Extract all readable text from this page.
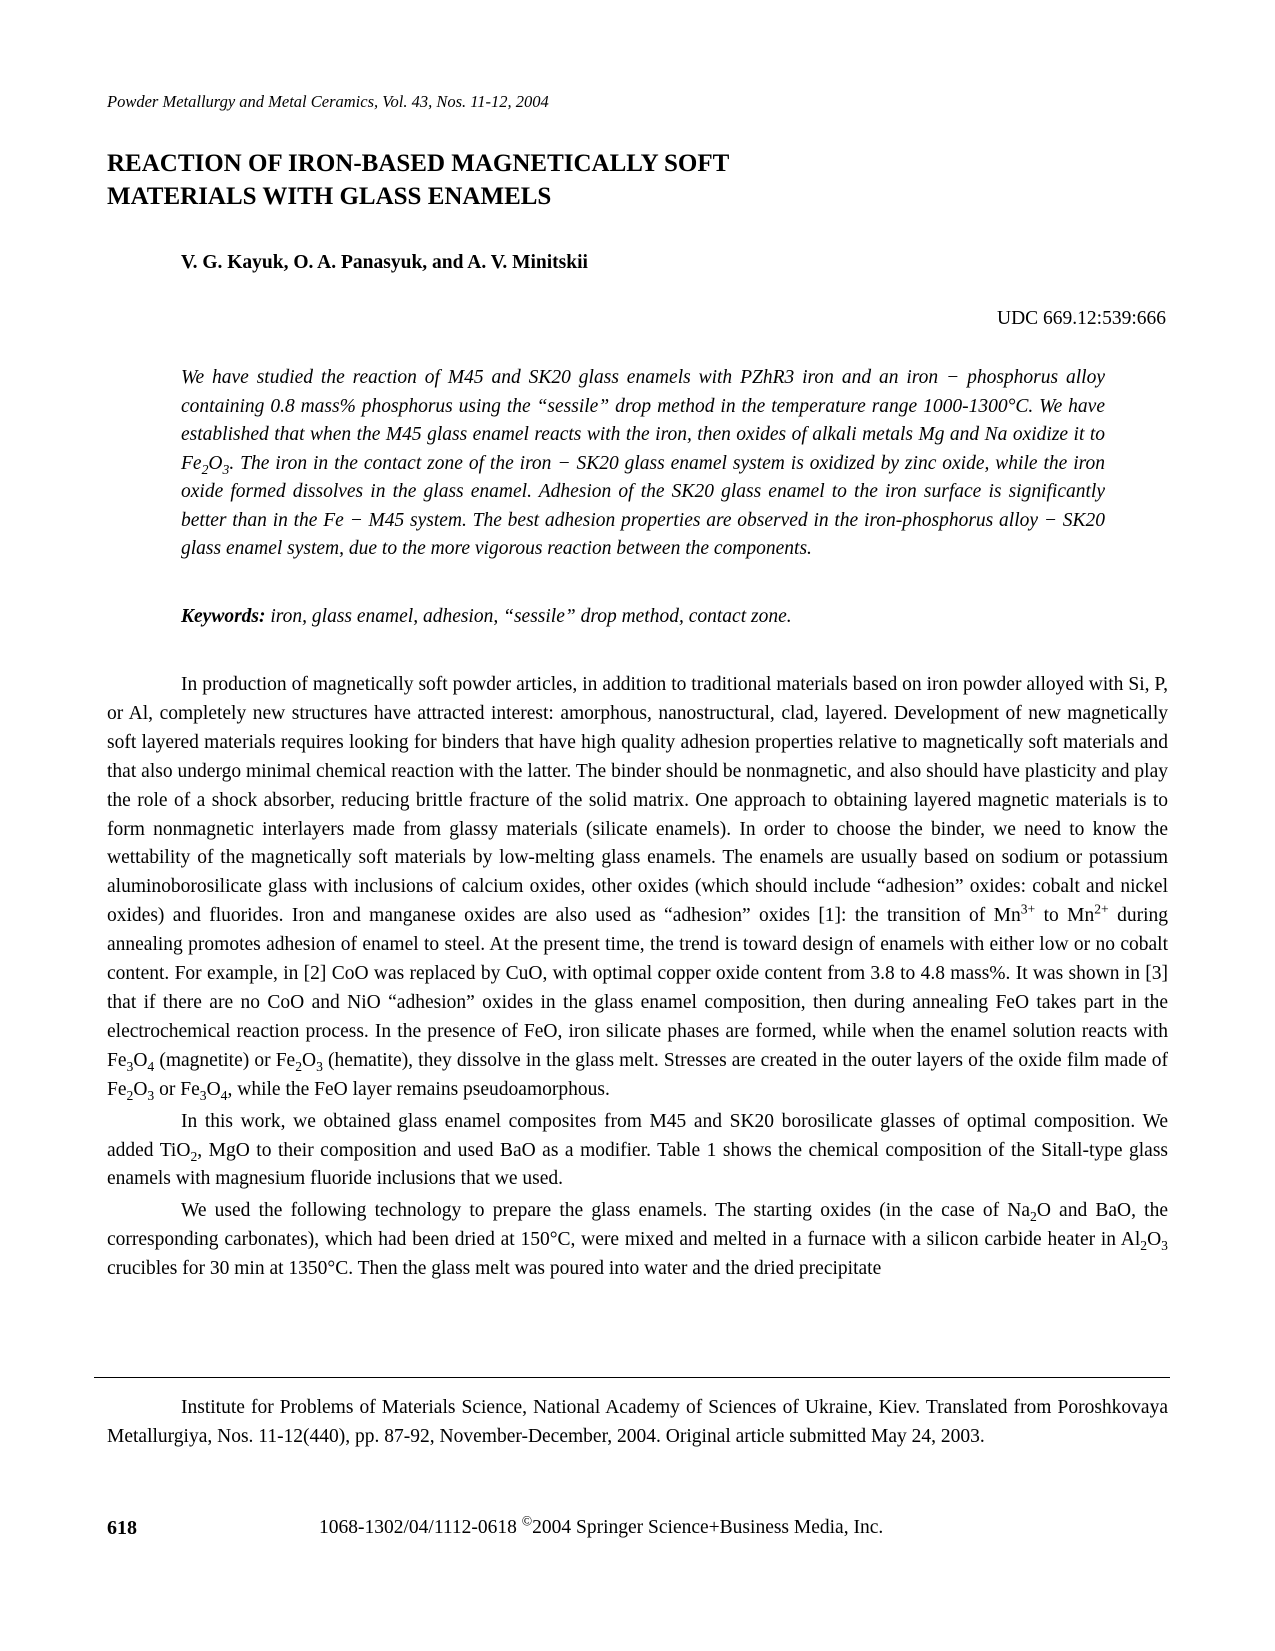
Powder Metallurgy and Metal Ceramics, Vol. 43, Nos. 11-12, 2004
REACTION OF IRON-BASED MAGNETICALLY SOFT
MATERIALS WITH GLASS ENAMELS
V. G. Kayuk, O. A. Panasyuk, and A. V. Minitskii
UDC 669.12:539:666

We have studied the reaction of M45 and SK20 glass enamels with PZhR3 iron and an iron − phosphorus alloy containing 0.8 mass% phosphorus using the “sessile” drop method in the temperature range 1000-1300°C. We have established that when the M45 glass enamel reacts with the iron, then oxides of alkali metals Mg and Na oxidize it to $Fe_2O_3$. The iron in the contact zone of the iron − SK20 glass enamel system is oxidized by zinc oxide, while the iron oxide formed dissolves in the glass enamel. Adhesion of the SK20 glass enamel to the iron surface is significantly better than in the Fe − M45 system. The best adhesion properties are observed in the iron-phosphorus alloy − SK20 glass enamel system, due to the more vigorous reaction between the components.

Keywords: iron, glass enamel, adhesion, “sessile” drop method, contact zone.

In production of magnetically soft powder articles, in addition to traditional materials based on iron powder alloyed with Si, P, or Al, completely new structures have attracted interest: amorphous, nanostructural, clad, layered. Development of new magnetically soft layered materials requires looking for binders that have high quality adhesion properties relative to magnetically soft materials and that also undergo minimal chemical reaction with the latter. The binder should be nonmagnetic, and also should have plasticity and play the role of a shock absorber, reducing brittle fracture of the solid matrix. One approach to obtaining layered magnetic materials is to form nonmagnetic interlayers made from glassy materials (silicate enamels). In order to choose the binder, we need to know the wettability of the magnetically soft materials by low-melting glass enamels. The enamels are usually based on sodium or potassium aluminoborosilicate glass with inclusions of calcium oxides, other oxides (which should include “adhesion” oxides: cobalt and nickel oxides) and fluorides. Iron and manganese oxides are also used as “adhesion” oxides [1]: the transition of $Mn^{3+}$ to $Mn^{2+}$ during annealing promotes adhesion of enamel to steel. At the present time, the trend is toward design of enamels with either low or no cobalt content. For example, in [2] CoO was replaced by CuO, with optimal copper oxide content from 3.8 to 4.8 mass%. It was shown in [3] that if there are no CoO and NiO “adhesion” oxides in the glass enamel composition, then during annealing FeO takes part in the electrochemical reaction process. In the presence of FeO, iron silicate phases are formed, while when the enamel solution reacts with $Fe_3O_4$ (magnetite) or $Fe_2O_3$ (hematite), they dissolve in the glass melt. Stresses are created in the outer layers of the oxide film made of $Fe_2O_3$ or $Fe_3O_4$, while the FeO layer remains pseudoamorphous.

In this work, we obtained glass enamel composites from M45 and SK20 borosilicate glasses of optimal composition. We added TiO$_2$, MgO to their composition and used BaO as a modifier. Table 1 shows the chemical composition of the Sitall-type glass enamels with magnesium fluoride inclusions that we used.

We used the following technology to prepare the glass enamels. The starting oxides (in the case of $Na_2O$ and BaO, the corresponding carbonates), which had been dried at 150°C, were mixed and melted in a furnace with a silicon carbide heater in $Al_2O_3$ crucibles for 30 min at 1350°C. Then the glass melt was poured into water and the dried precipitate

Institute for Problems of Materials Science, National Academy of Sciences of Ukraine, Kiev. Translated from Poroshkovaya Metallurgiya, Nos. 11-12(440), pp. 87-92, November-December, 2004. Original article submitted May 24, 2003.
618	1068-1302/04/1112-0618 ©2004 Springer Science+Business Media, Inc.
